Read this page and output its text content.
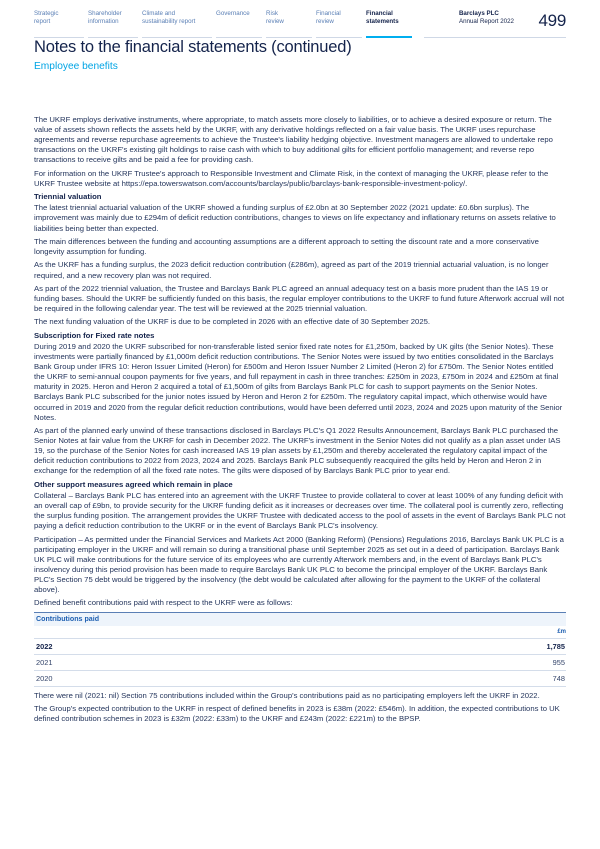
Strategic
report
Shareholder
information
Climate and
sustainability report
Governance	Risk
review
Financial
review
Financial
statements
Barclays PLC
Annual Report 2022 499
Notes to the financial statements (continued)
Employee benefits

The UKRF employs derivative instruments, where appropriate, to match assets more closely to liabilities, or to achieve a desired exposure or return. The value of assets shown reflects the assets held by the UKRF, with any derivative holdings reflected on a fair value basis. The UKRF uses repurchase agreements and reverse repurchase agreements to achieve the Trustee's liability hedging objective. Investment managers are allowed to undertake repo transactions on the UKRF's existing gilt holdings to raise cash with which to buy additional gilts for efficient portfolio management; and reverse repo transactions to receive gilts and be paid a fee for providing cash.

For information on the UKRF Trustee's approach to Responsible Investment and Climate Risk, in the context of managing the UKRF, please refer to the UKRF Trustee website at https://epa.towerswatson.com/accounts/barclays/public/barclays-bank-responsible-investment-policy/.

Triennial valuation

The latest triennial actuarial valuation of the UKRF showed a funding surplus of £2.0bn at 30 September 2022 (2021 update: £0.6bn surplus). The improvement was mainly due to £294m of deficit reduction contributions, changes to views on life expectancy and inflationary returns on assets relative to liabilities being better than expected.

The main differences between the funding and accounting assumptions are a different approach to setting the discount rate and a more conservative longevity assumption for funding.

As the UKRF has a funding surplus, the 2023 deficit reduction contribution (£286m), agreed as part of the 2019 triennial actuarial valuation, is no longer required, and a new recovery plan was not required.

As part of the 2022 triennial valuation, the Trustee and Barclays Bank PLC agreed an annual adequacy test on a basis more prudent than the IAS 19 or funding bases. Should the UKRF be sufficiently funded on this basis, the regular employer contributions to the UKRF to fund future Afterwork accrual will not be required in the following calendar year. The test will be reviewed at the 2025 triennial valuation.

The next funding valuation of the UKRF is due to be completed in 2026 with an effective date of 30 September 2025.

Subscription for Fixed rate notes

During 2019 and 2020 the UKRF subscribed for non-transferable listed senior fixed rate notes for £1,250m, backed by UK gilts (the Senior Notes). These investments were partially financed by £1,000m deficit reduction contributions. The Senior Notes were issued by two entities consolidated in the Barclays Bank Group under IFRS 10: Heron Issuer Limited (Heron) for £500m and Heron Issuer Number 2 Limited (Heron 2) for £750m. The Senior Notes entitled the UKRF to semi-annual coupon payments for five years, and full repayment in cash in three tranches: £250m in 2023, £750m in 2024 and £250m at final maturity in 2025. Heron and Heron 2 acquired a total of £1,500m of gilts from Barclays Bank PLC for cash to support payments on the Senior Notes. Barclays Bank PLC subscribed for the junior notes issued by Heron and Heron 2 for £250m. The regulatory capital impact, which otherwise would have occurred in 2019 and 2020 from the regular deficit reduction contributions, would have been deferred until 2023, 2024 and 2025 upon maturity of the Senior Notes.

As part of the planned early unwind of these transactions disclosed in Barclays PLC's Q1 2022 Results Announcement, Barclays Bank PLC purchased the Senior Notes at fair value from the UKRF for cash in December 2022. The UKRF's investment in the Senior Notes did not qualify as a plan asset under IAS 19, so the purchase of the Senior Notes for cash increased IAS 19 plan assets by £1,250m and thereby accelerated the regulatory capital impact of the deficit reduction contributions to 2022 from 2023, 2024 and 2025. Barclays Bank PLC subsequently reacquired the gilts held by Heron and Heron 2 in exchange for the redemption of all the fixed rate notes. The gilts were disposed of by Barclays Bank PLC prior to year end.

Other support measures agreed which remain in place

Collateral – Barclays Bank PLC has entered into an agreement with the UKRF Trustee to provide collateral to cover at least 100% of any funding deficit with an overall cap of £9bn, to provide security for the UKRF funding deficit as it increases or decreases over time. The collateral pool is currently zero, reflecting the surplus funding position. The arrangement provides the UKRF Trustee with dedicated access to the pool of assets in the event of Barclays Bank PLC not paying a deficit reduction contribution to the UKRF or in the event of Barclays Bank PLC's insolvency.

Participation – As permitted under the Financial Services and Markets Act 2000 (Banking Reform) (Pensions) Regulations 2016, Barclays Bank UK PLC is a participating employer in the UKRF and will remain so during a transitional phase until September 2025 as set out in a deed of participation. Barclays Bank UK PLC will make contributions for the future service of its employees who are currently Afterwork members and, in the event of Barclays Bank PLC's insolvency during this period provision has been made to require Barclays Bank UK PLC to become the principal employer of the UKRF. Barclays Bank PLC's Section 75 debt would be triggered by the insolvency (the debt would be calculated after allowing for the payment to the UKRF of the collateral above).

Defined benefit contributions paid with respect to the UKRF were as follows:

Contributions paid
£m
2022	1,785
2021	955
2020	748

There were nil (2021: nil) Section 75 contributions included within the Group's contributions paid as no participating employers left the UKRF in 2022.

The Group's expected contribution to the UKRF in respect of defined benefits in 2023 is £38m (2022: £546m). In addition, the expected contributions to UK defined contribution schemes in 2023 is £32m (2022: £33m) to the UKRF and £243m (2022: £221m) to the BPSP.
